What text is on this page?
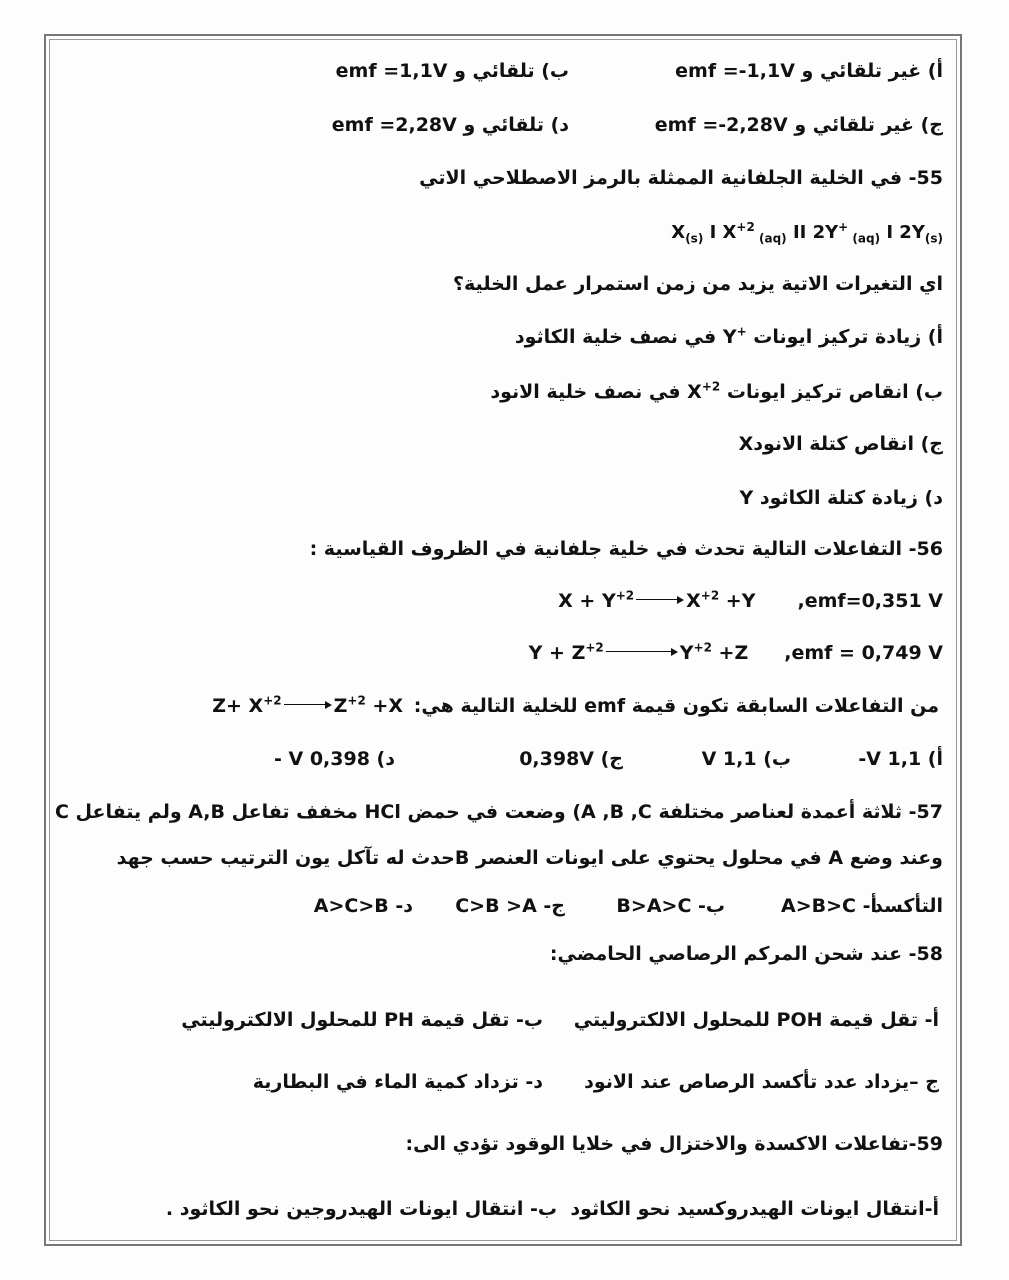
أ) غير تلقائي و emf =-1,1V
ب) تلقائي و emf =1,1V
ج) غير تلقائي و emf =-2,28V
د) تلقائي و emf =2,28V
55- في الخلية الجلفانية الممثلة بالرمز الاصطلاحي الاتي
$X_{(s)}$ I $X^{+2}$ $_{(aq)}$ II 2Y+ $_{(aq)}$ I $2Y_{(s)}$
اي التغيرات الاتية يزيد من زمن استمرار عمل الخلية؟
أ) زيادة تركيز ايونات Y+ في نصف خلية الكاثود
ب) انقاص تركيز ايونات $X^{+2}$ في نصف خلية الانود
ج) انقاص كتلة الانودX
د) زيادة كتلة الكاثود Y
56- التفاعلات التالية تحدث في خلية جلفانية في الظروف القياسية :
$X + Y^{+2}$	$X^{+2} +Y$ ,emf=0,351 V
$Y + Z^{+2}$	$Y^{+2} +Z$ ,emf = 0,749 V
من التفاعلات السابقة تكون قيمة emf للخلية التالية هي:
$Z+ X^{+2}$	$Z^{+2} +X$
أ) V 1,1-
ب) V 1,1
ج) 0,398V
د) V 0,398 -
57- ثلاثة أعمدة لعناصر مختلفة A ,B ,C) وضعت في حمض HCl مخفف تفاعل A,B ولم يتفاعل C
وعند وضع A في محلول يحتوي على ايونات العنصر Bحدث له تآكل يون الترتيب حسب جهد
التأكسد
أ- A>B>C
ب- B>A>C
ج- C>B >A
د- A>C>B
58- عند شحن المركم الرصاصي الحامضي:
أ- تقل قيمة POH للمحلول الالكتروليتي
ب- تقل قيمة PH للمحلول الالكتروليتي
ج –يزداد عدد تأكسد الرصاص عند الانود
د- تزداد كمية الماء في البطارية
59-تفاعلات الاكسدة والاختزال في خلايا الوقود تؤدي الى:
أ-انتقال ايونات الهيدروكسيد نحو الكاثود
ب- انتقال ايونات الهيدروجين نحو الكاثود .
